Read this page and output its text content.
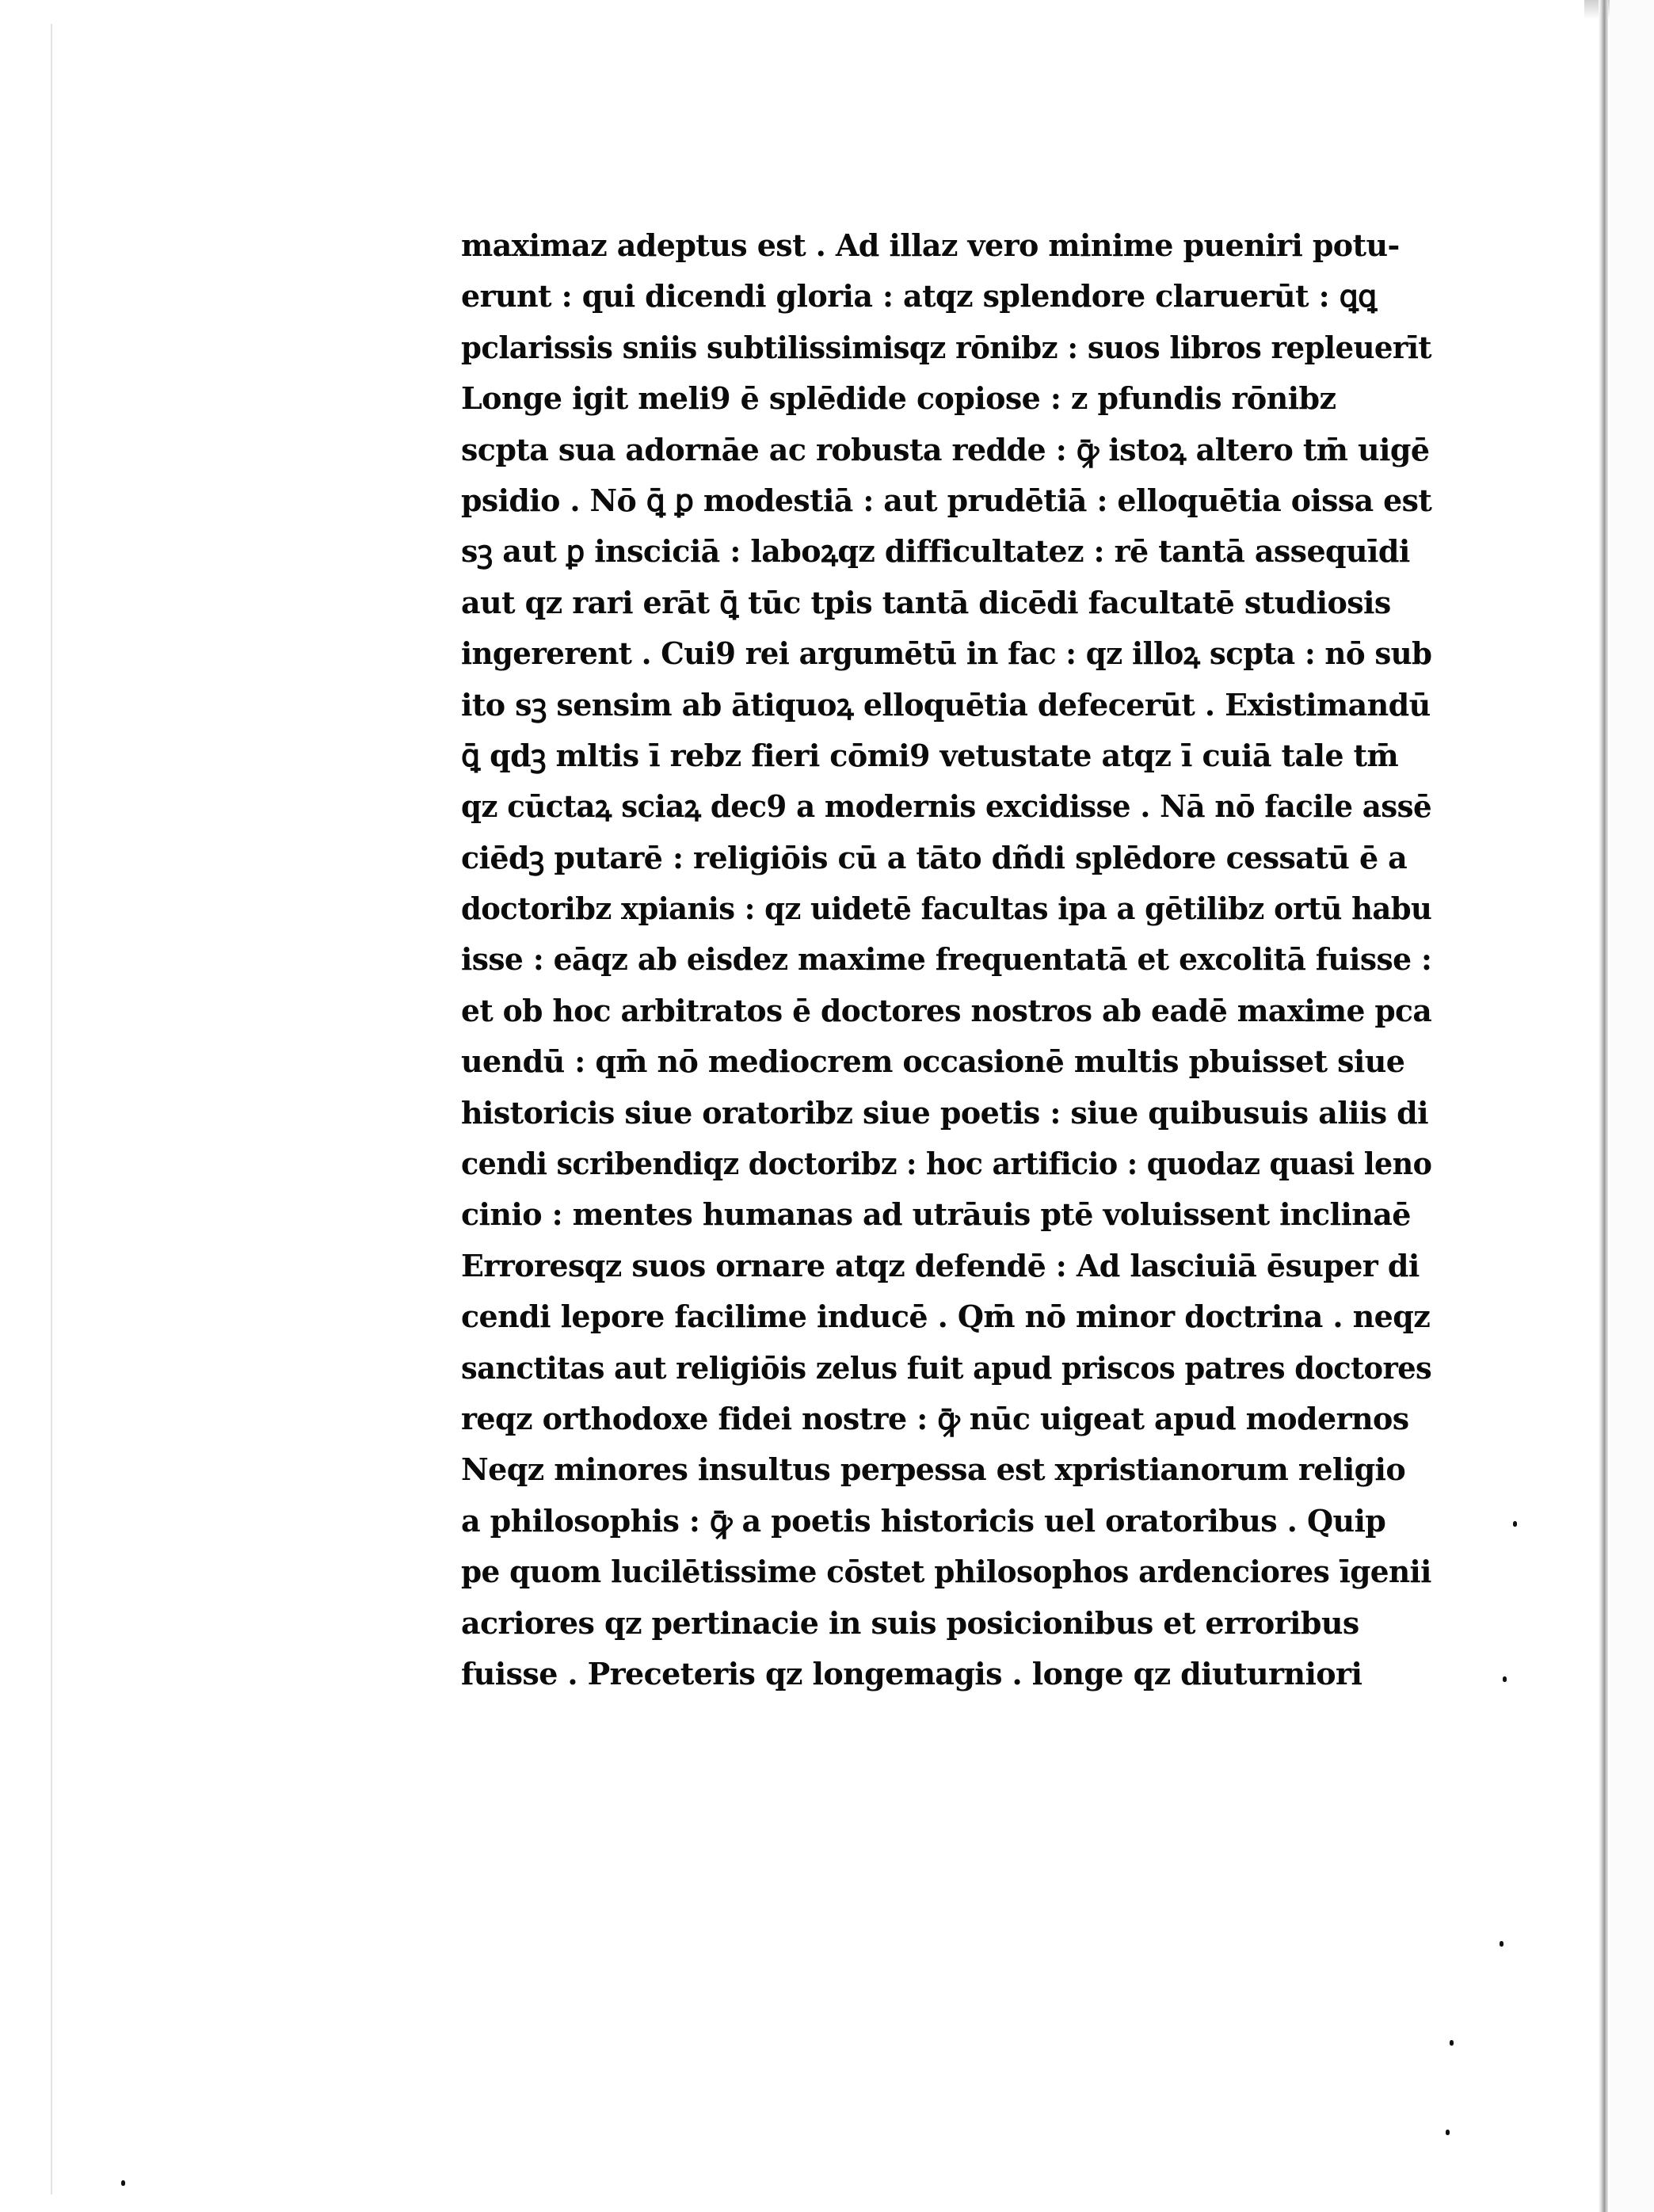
maximaz adeptus est . Ad illaz vero minime pueniri potu-
erunt : qui dicendi gloria : atqz splendore claruerūt : ꝗꝗ
pclarissis sniis subtilissimisqz rōnibz : suos libros repleuerīt
Longe igit meli9 ē splēdide copiose : z pfundis rōnibz
scpta sua adornāe ac robusta redde : ꝙ̄ istoꝝ altero tm̄ uigē
psidio . Nō ꝗ̄ ꝑ modestiā : aut prudētiā : elloquētia oissa est
sꝫ aut ꝑ insciciā : laboꝝqz difficultatez : rē tantā assequīdi
aut qz rari erāt ꝗ̄ tūc tpis tantā dicēdi facultatē studiosis
ingererent . Cui9 rei argumētū in fac : qz illoꝝ scpta : nō sub
ito sꝫ sensim ab ātiquoꝝ elloquētia defecerūt . Existimandū
ꝗ̄ qdꝫ mltis ī rebz fieri cōmi9 vetustate atqz ī cuiā tale tm̄
qz cūctaꝝ sciaꝝ dec9 a modernis excidisse . Nā nō facile assē
ciēdꝫ putarē : religiōis cū a tāto dñdi splēdore cessatū ē a
doctoribz xpianis : qz uidetē facultas ipa a gētilibz ortū habu
isse : eāqz ab eisdez maxime frequentatā et excolitā fuisse :
et ob hoc arbitratos ē doctores nostros ab eadē maxime pca
uendū : qm̄ nō mediocrem occasionē multis pbuisset siue
historicis siue oratoribz siue poetis : siue quibusuis aliis di
cendi scribendiqz doctoribz : hoc artificio : quodaz quasi leno
cinio : mentes humanas ad utrāuis ptē voluissent inclinaē
Erroresqz suos ornare atqz defendē : Ad lasciuiā ēsuper di
cendi lepore facilime inducē . Qm̄ nō minor doctrina . neqz
sanctitas aut religiōis zelus fuit apud priscos patres doctores
reqz orthodoxe fidei nostre : ꝙ̄ nūc uigeat apud modernos
Neqz minores insultus perpessa est xpristianorum religio
a philosophis : ꝙ̄ a poetis historicis uel oratoribus . Quip
pe quom lucilētissime cōstet philosophos ardenciores īgenii
acriores qz pertinacie in suis posicionibus et erroribus
fuisse . Preceteris qz longemagis . longe qz diuturniori
